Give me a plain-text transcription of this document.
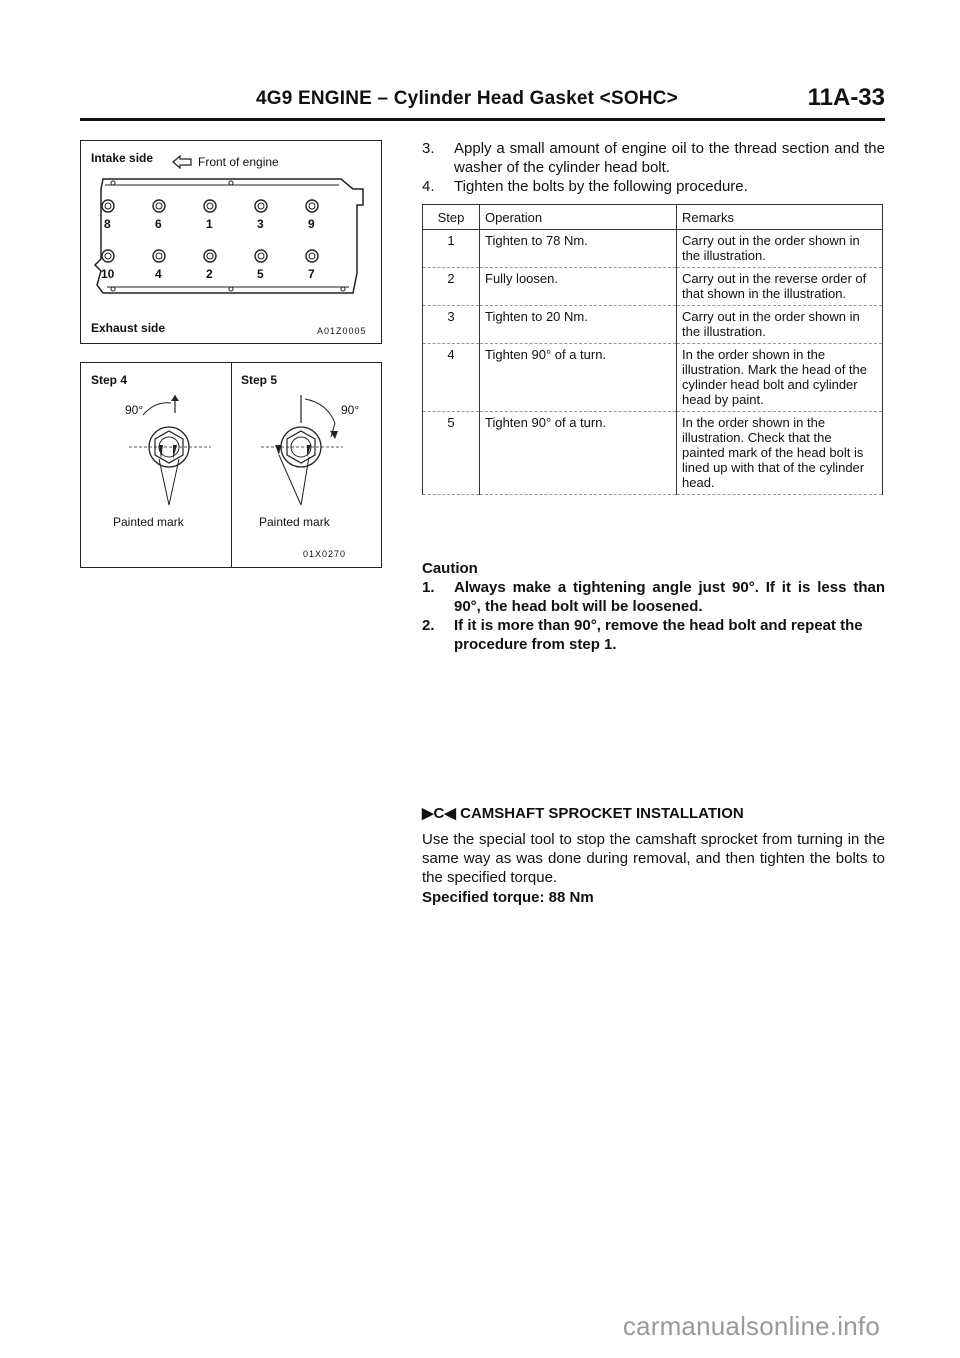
4G9 ENGINE – Cylinder Head Gasket <SOHC>	11A-33
Intake side	Front of engine
8	6	1	3	9
10	4	2	5	7
Exhaust side	A01Z0005
Step 4
90°
Painted mark
Step 5
90°
Painted mark
01X0270
3. Apply a small amount of engine oil to the thread section and the washer of the cylinder head bolt.
4. Tighten the bolts by the following procedure.
Step	Operation	Remarks
1	Tighten to 78 Nm.	Carry out in the order shown in the illustration.
2	Fully loosen.	Carry out in the reverse order of that shown in the illustration.
3	Tighten to 20 Nm.	Carry out in the order shown in the illustration.
4	Tighten 90° of a turn.	In the order shown in the illustration. Mark the head of the cylinder head bolt and cylinder head by paint.
5	Tighten 90° of a turn.	In the order shown in the illustration. Check that the painted mark of the head bolt is lined up with that of the cylinder head.
Caution
1. Always make a tightening angle just 90°. If it is less than 90°, the head bolt will be loosened.
2. If it is more than 90°, remove the head bolt and repeat the procedure from step 1.
▶C◀ CAMSHAFT SPROCKET INSTALLATION
Use the special tool to stop the camshaft sprocket from turning in the same way as was done during removal, and then tighten the bolts to the specified torque.
Specified torque: 88 Nm
carmanualsonline.info
